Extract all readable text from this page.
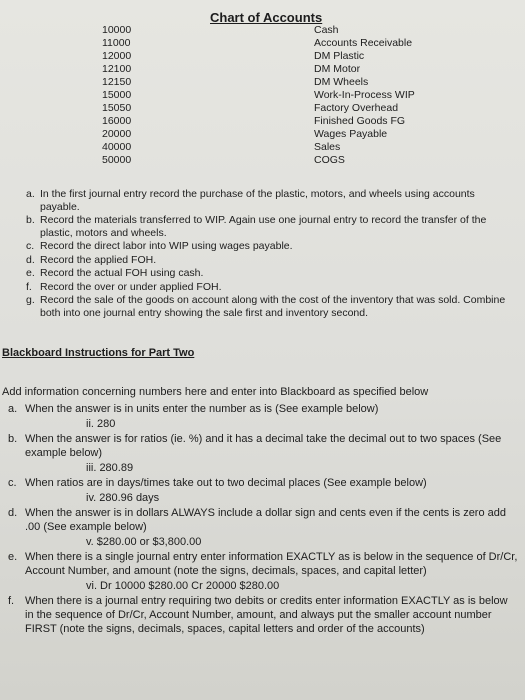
Chart of Accounts
10000
11000
12000
12100
12150
15000
15050
16000
20000
40000
50000
Cash
Accounts Receivable
DM Plastic
DM Motor
DM Wheels
Work-In-Process WIP
Factory Overhead
Finished Goods FG
Wages Payable
Sales
COGS
a. In the first journal entry record the purchase of the plastic, motors, and wheels using accounts payable.
b. Record the materials transferred to WIP. Again use one journal entry to record the transfer of the plastic, motors and wheels.
c. Record the direct labor into WIP using wages payable.
d. Record the applied FOH.
e. Record the actual FOH using cash.
f. Record the over or under applied FOH.
g. Record the sale of the goods on account along with the cost of the inventory that was sold. Combine both into one journal entry showing the sale first and inventory second.
Blackboard Instructions for Part Two
Add information concerning numbers here and enter into Blackboard as specified below
a. When the answer is in units enter the number as is (See example below)
ii. 280
b. When the answer is for ratios (ie. %) and it has a decimal take the decimal out to two spaces (See example below)
iii. 280.89
c. When ratios are in days/times take out to two decimal places (See example below)
iv. 280.96 days
d. When the answer is in dollars ALWAYS include a dollar sign and cents even if the cents is zero add .00 (See example below)
v. $280.00 or $3,800.00
e. When there is a single journal entry enter information EXACTLY as is below in the sequence of Dr/Cr, Account Number, and amount (note the signs, decimals, spaces, and capital letter)
vi. Dr 10000 $280.00 Cr 20000 $280.00
f. When there is a journal entry requiring two debits or credits enter information EXACTLY as is below in the sequence of Dr/Cr, Account Number, amount, and always put the smaller account number FIRST (note the signs, decimals, spaces, capital letters and order of the accounts)
